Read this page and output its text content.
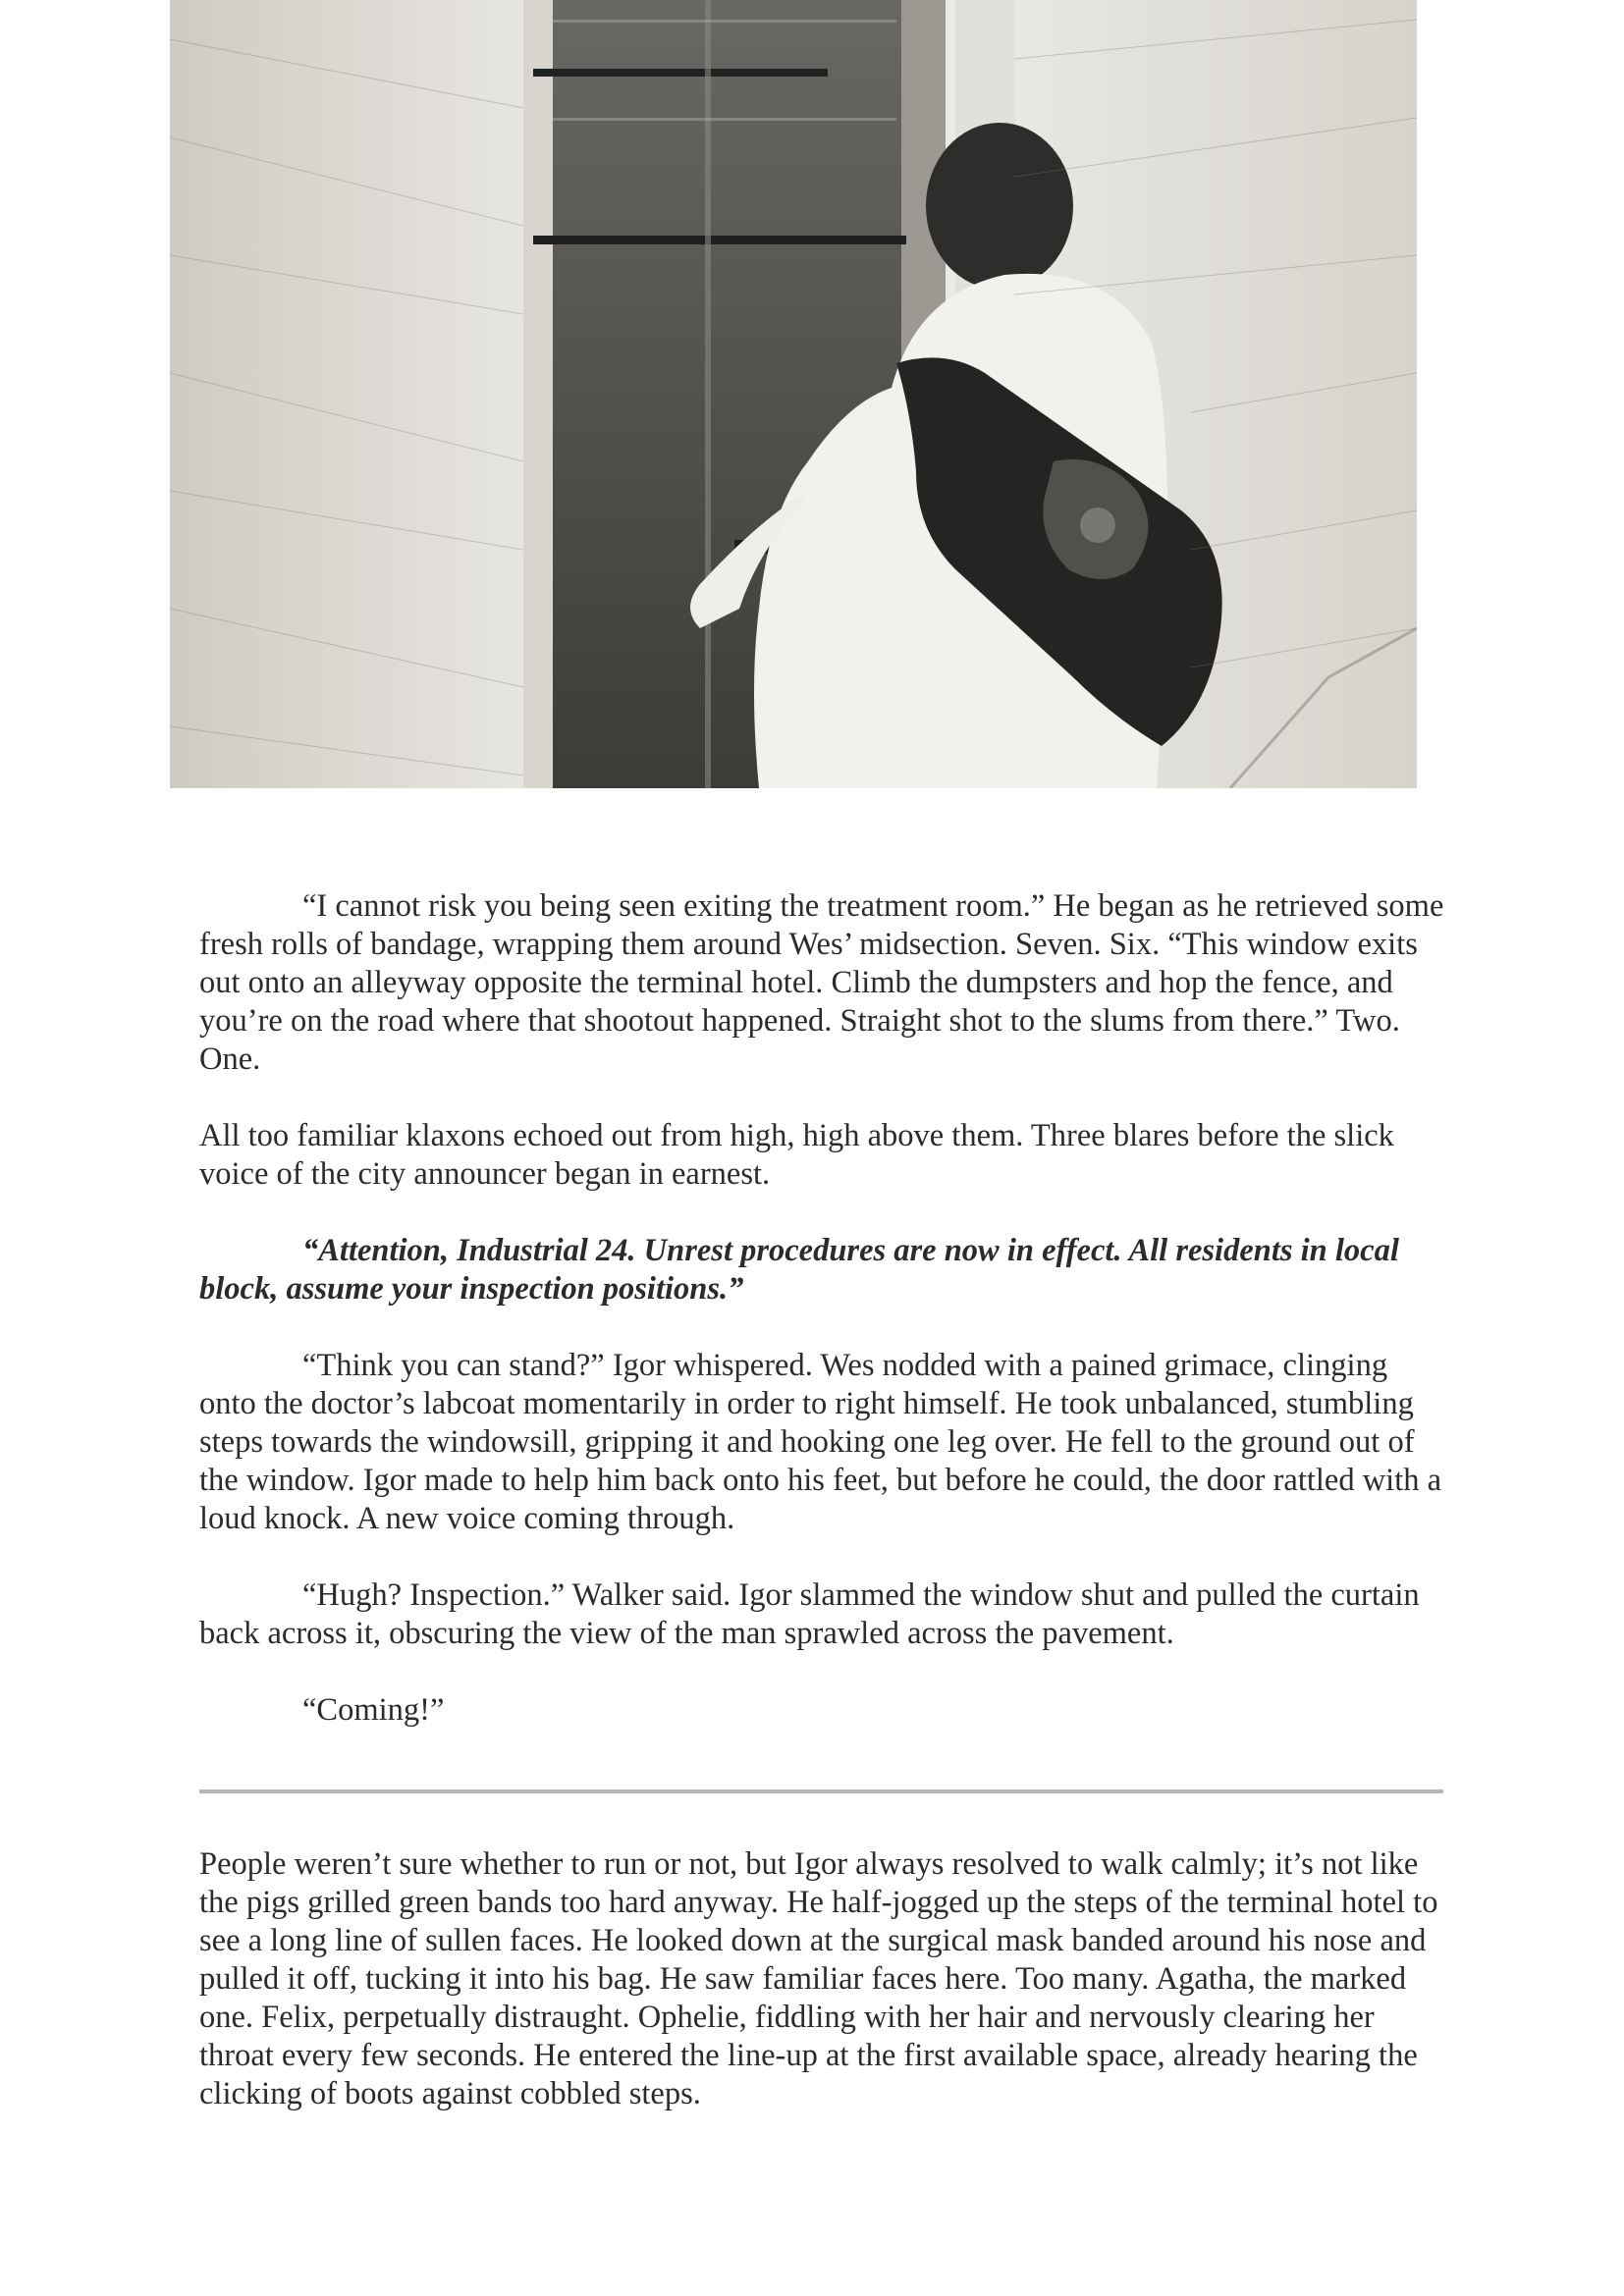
“I cannot risk you being seen exiting the treatment room.” He began as he retrieved some fresh rolls of bandage, wrapping them around Wes’ midsection. Seven. Six. “This window exits out onto an alleyway opposite the terminal hotel. Climb the dumpsters and hop the fence, and you’re on the road where that shootout happened. Straight shot to the slums from there.” Two. One.

All too familiar klaxons echoed out from high, high above them. Three blares before the slick voice of the city announcer began in earnest.

“Attention, Industrial 24. Unrest procedures are now in effect. All residents in local block, assume your inspection positions.”

“Think you can stand?” Igor whispered. Wes nodded with a pained grimace, clinging onto the doctor’s labcoat momentarily in order to right himself. He took unbalanced, stumbling steps towards the windowsill, gripping it and hooking one leg over. He fell to the ground out of the window. Igor made to help him back onto his feet, but before he could, the door rattled with a loud knock. A new voice coming through.

“Hugh? Inspection.” Walker said. Igor slammed the window shut and pulled the curtain back across it, obscuring the view of the man sprawled across the pavement.

“Coming!”

People weren’t sure whether to run or not, but Igor always resolved to walk calmly; it’s not like the pigs grilled green bands too hard anyway. He half-jogged up the steps of the terminal hotel to see a long line of sullen faces. He looked down at the surgical mask banded around his nose and pulled it off, tucking it into his bag. He saw familiar faces here. Too many. Agatha, the marked one. Felix, perpetually distraught. Ophelie, fiddling with her hair and nervously clearing her throat every few seconds. He entered the line-up at the first available space, already hearing the clicking of boots against cobbled steps.
